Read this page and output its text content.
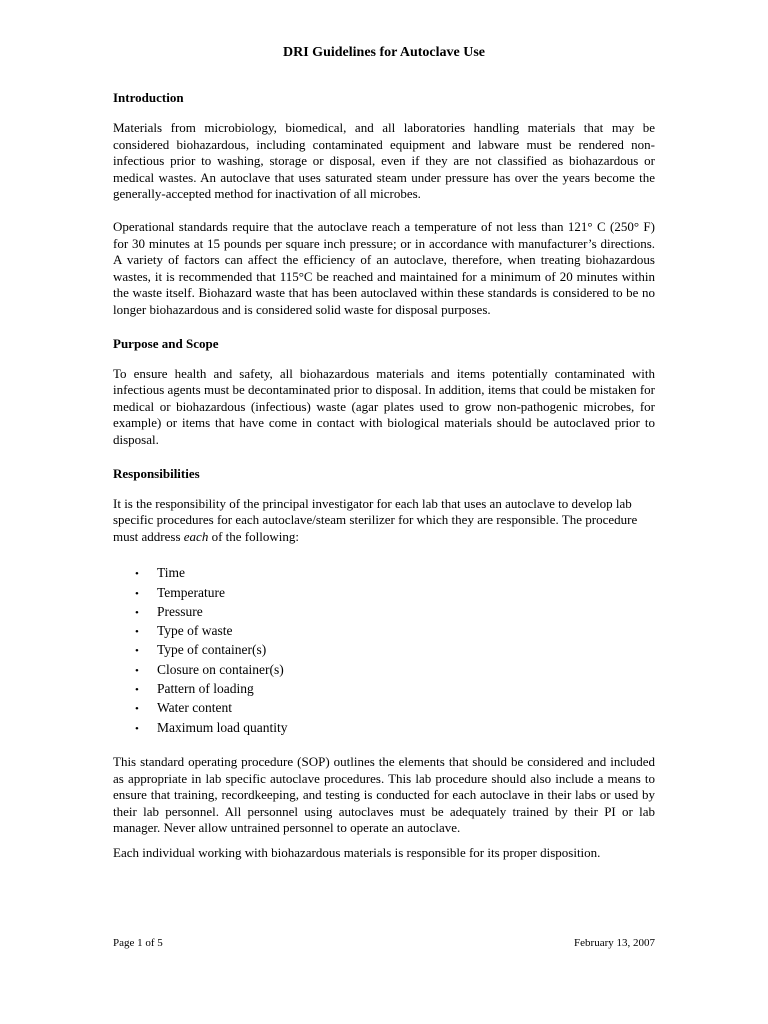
DRI Guidelines for Autoclave Use
Introduction

Materials from microbiology, biomedical, and all laboratories handling materials that may be considered biohazardous, including contaminated equipment and labware must be rendered non-infectious prior to washing, storage or disposal, even if they are not classified as biohazardous or medical wastes. An autoclave that uses saturated steam under pressure has over the years become the generally-accepted method for inactivation of all microbes.

Operational standards require that the autoclave reach a temperature of not less than 121° C (250° F) for 30 minutes at 15 pounds per square inch pressure; or in accordance with manufacturer’s directions. A variety of factors can affect the efficiency of an autoclave, therefore, when treating biohazardous wastes, it is recommended that 115°C be reached and maintained for a minimum of 20 minutes within the waste itself. Biohazard waste that has been autoclaved within these standards is considered to be no longer biohazardous and is considered solid waste for disposal purposes.

Purpose and Scope

To ensure health and safety, all biohazardous materials and items potentially contaminated with infectious agents must be decontaminated prior to disposal. In addition, items that could be mistaken for medical or biohazardous (infectious) waste (agar plates used to grow non-pathogenic microbes, for example) or items that have come in contact with biological materials should be autoclaved prior to disposal.

Responsibilities

It is the responsibility of the principal investigator for each lab that uses an autoclave to develop lab specific procedures for each autoclave/steam sterilizer for which they are responsible. The procedure must address each of the following:

•	Time
•	Temperature
•	Pressure
•	Type of waste
•	Type of container(s)
•	Closure on container(s)
•	Pattern of loading
•	Water content
•	Maximum load quantity

This standard operating procedure (SOP) outlines the elements that should be considered and included as appropriate in lab specific autoclave procedures. This lab procedure should also include a means to ensure that training, recordkeeping, and testing is conducted for each autoclave in their labs or used by their lab personnel. All personnel using autoclaves must be adequately trained by their PI or lab manager. Never allow untrained personnel to operate an autoclave.

Each individual working with biohazardous materials is responsible for its proper disposition.

Page 1 of 5	February 13, 2007
